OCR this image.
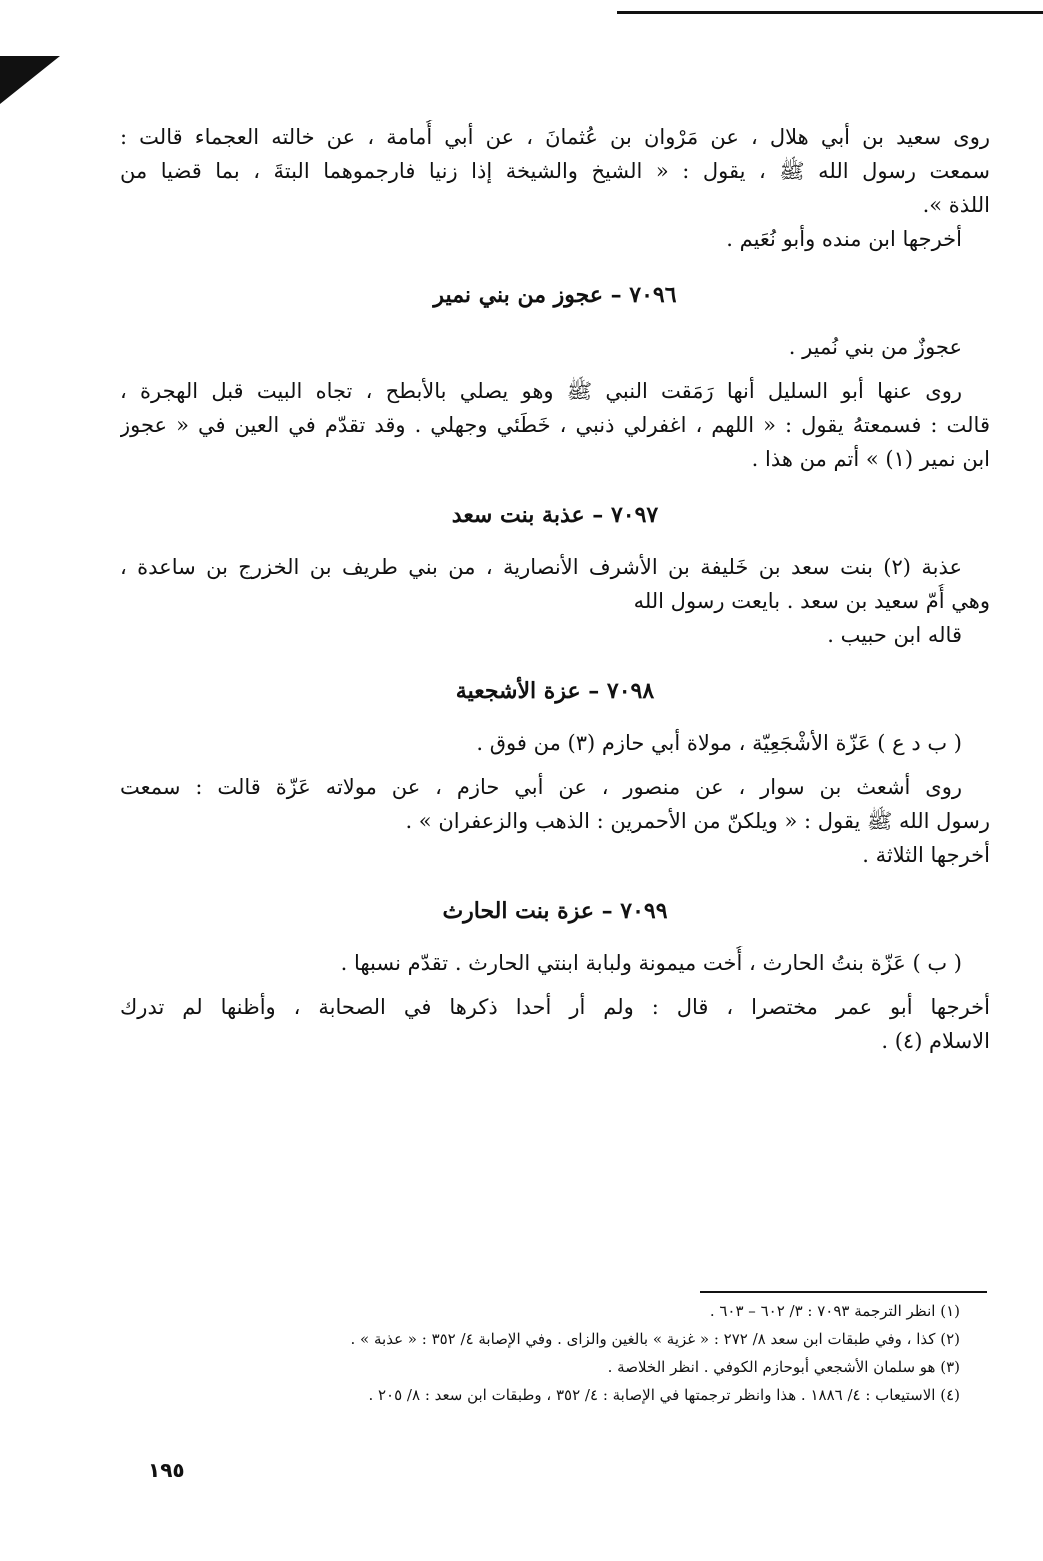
روى سعيد بن أبي هلال ، عن مَرْوان بن عُثمانَ ، عن أبي أُمامة ، عن خالته العجماء قالت :
سمعت رسول الله ﷺ ، يقول : « الشيخ والشيخة إذا زنيا فارجموهما البتةَ ، بما قضيا من
اللذة ».
أخرجها ابن منده وأبو نُعَيم .
٧٠٩٦ – عجوز من بني نمير
عجوزٌ من بني نُمير .
روى عنها أبو السليل أنها رَمَقت النبي ﷺ وهو يصلي بالأبطح ، تجاه البيت قبل الهجرة ،
قالت : فسمعتهُ يقول : « اللهم ، اغفرلي ذنبي ، خَطَئي وجهلي . وقد تقدّم في العين في « عجوز
ابن نمير (١) » أتم من هذا .
٧٠٩٧ – عذبة بنت سعد
عذبة (٢) بنت سعد بن خَليفة بن الأشرف الأنصارية ، من بني طريف بن الخزرج بن ساعدة ،
وهي أُمّ سعيد بن سعد . بايعت رسول الله
قاله ابن حبيب .
٧٠٩٨ – عزة الأشجعية
( ب د ع ) عَزّة الأشْجَعِيّة ، مولاة أبي حازم (٣) من فوق .
روى أشعث بن سوار ، عن منصور ، عن أبي حازم ، عن مولاته عَزّة قالت : سمعت
رسول الله ﷺ يقول : « ويلكنّ من الأحمرين : الذهب والزعفران » .
أخرجها الثلاثة .
٧٠٩٩ – عزة بنت الحارث
( ب ) عَزّة بنتُ الحارث ، أُخت ميمونة ولبابة ابنتي الحارث . تقدّم نسبها .
أخرجها أبو عمر مختصرا ، قال : ولم أر أحدا ذكرها في الصحابة ، وأظنها لم تدرك
الاسلام (٤) .
(١) انظر الترجمة ٧٠٩٣ : ٣/ ٦٠٢ – ٦٠٣ .
(٢) كذا ، وفي طبقات ابن سعد ٨/ ٢٧٢ : « غزية » بالغين والزاى . وفي الإصابة ٤/ ٣٥٢ : « عذبة » .
(٣) هو سلمان الأشجعي أبوحازم الكوفي . انظر الخلاصة .
(٤) الاستيعاب : ٤/ ١٨٨٦ . هذا وانظر ترجمتها في الإصابة : ٤/ ٣٥٢ ، وطبقات ابن سعد : ٨/ ٢٠٥ .
١٩٥
